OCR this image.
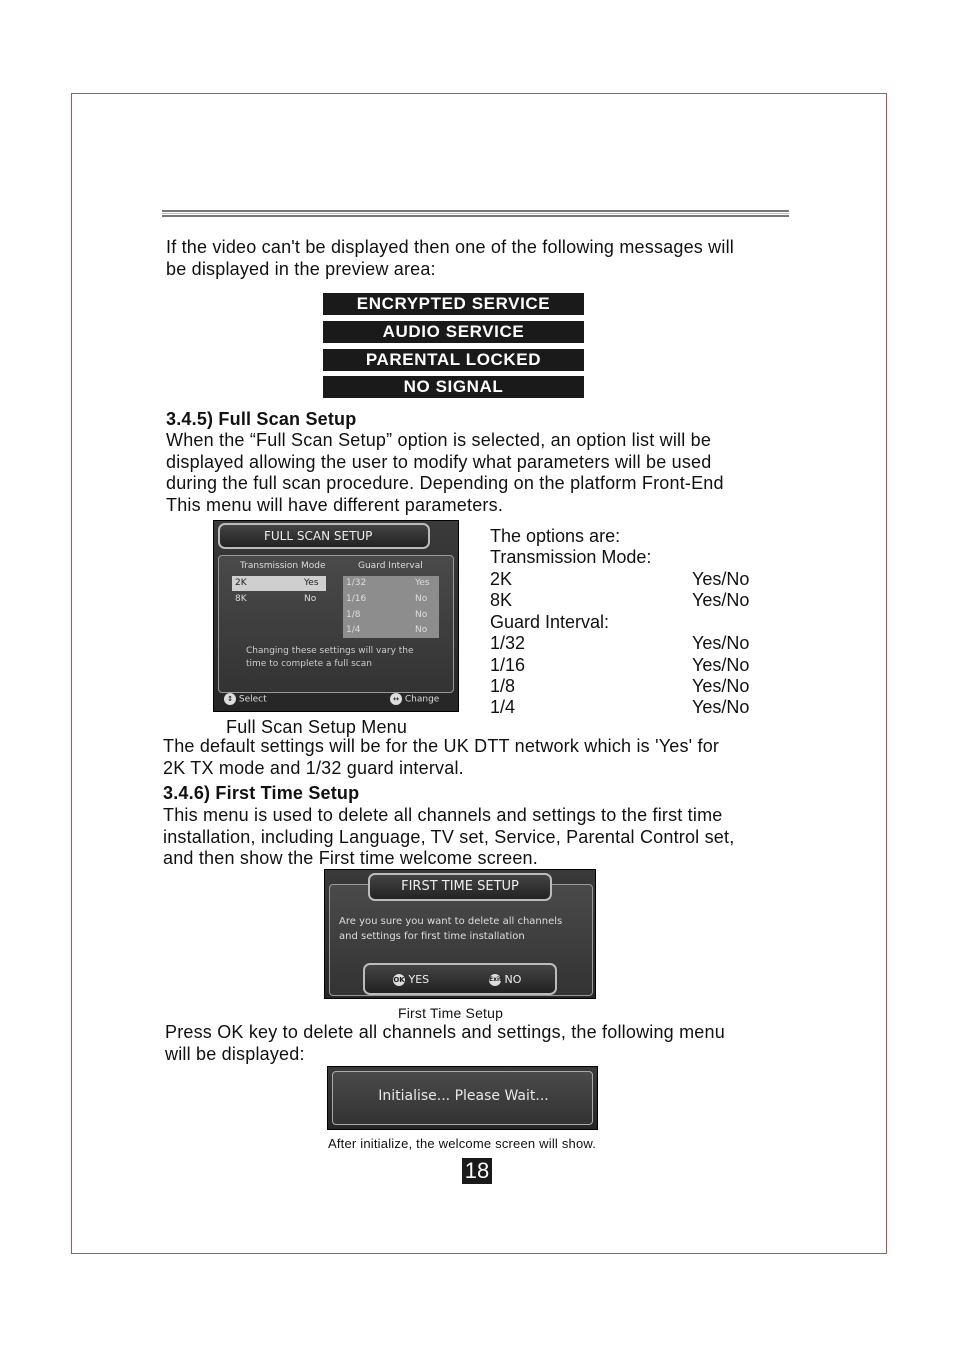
If the video can't be displayed then one of the following messages will
be displayed in the preview area:
ENCRYPTED SERVICE
AUDIO SERVICE
PARENTAL LOCKED
NO SIGNAL
3.4.5) Full Scan Setup
When the “Full Scan Setup” option is selected, an option list will be
displayed allowing the user to modify what parameters will be used
during the full scan procedure. Depending on the platform Front-End
This menu will have different parameters.
FULL SCAN SETUP
Transmission Mode	Guard Interval
2K	Yes
8K	No
1/32	Yes
1/16	No
1/8	No
1/4	No
Changing these settings will vary the
time to complete a full scan
↕ Select	↔ Change
The options are:
Transmission Mode:
2K	Yes/No
8K	Yes/No
Guard Interval:
1/32	Yes/No
1/16	Yes/No
1/8	Yes/No
1/4	Yes/No
Full Scan Setup Menu
The default settings will be for the UK DTT network which is 'Yes' for
2K TX mode and 1/32 guard interval.
3.4.6) First Time Setup
This menu is used to delete all channels and settings to the first time
installation, including Language, TV set, Service, Parental Control set,
and then show the First time welcome screen.
FIRST TIME SETUP
Are you sure you want to delete all channels
and settings for first time installation
OK YES	Exit NO
First Time Setup
Press OK key to delete all channels and settings, the following menu
will be displayed:
Initialise... Please Wait...
After initialize, the welcome screen will show.
18
